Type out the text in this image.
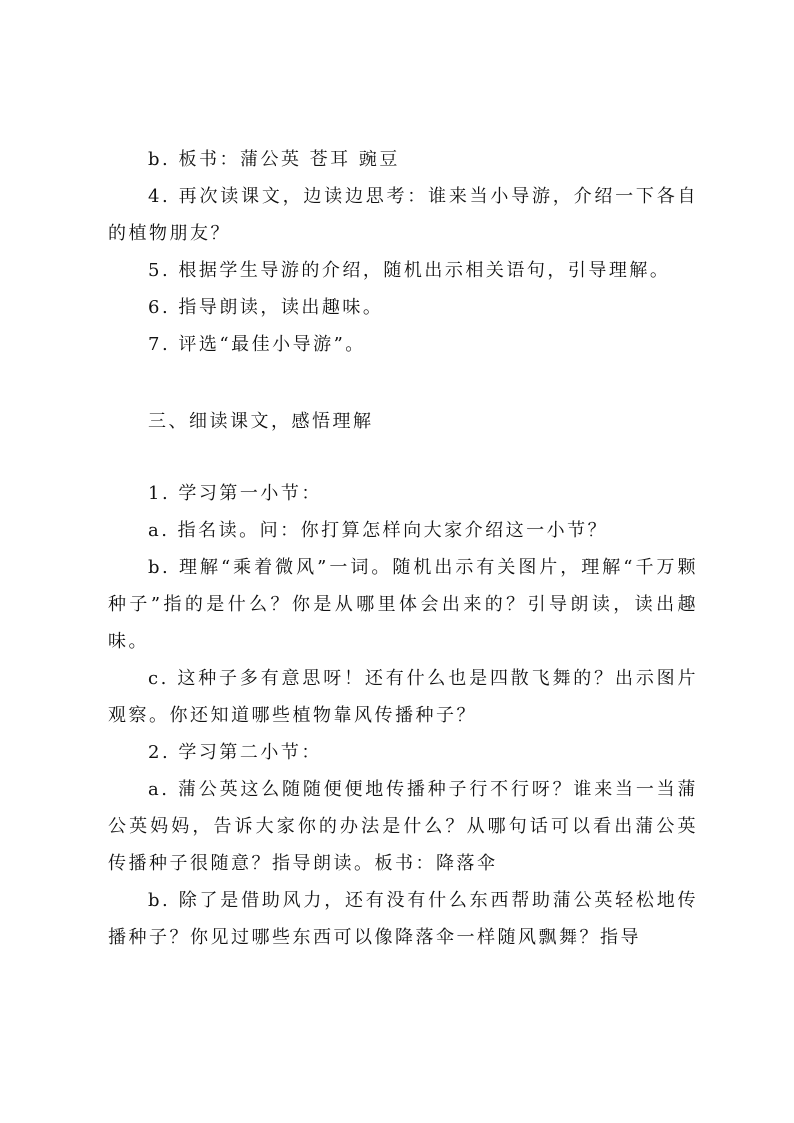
b. 板书：蒲公英 苍耳 豌豆

4. 再次读课文，边读边思考：谁来当小导游，介绍一下各自的植物朋友？

5. 根据学生导游的介绍，随机出示相关语句，引导理解。

6. 指导朗读，读出趣味。

7. 评选“最佳小导游”。

三、细读课文，感悟理解

1. 学习第一小节：

a. 指名读。问：你打算怎样向大家介绍这一小节？

b. 理解“乘着微风”一词。随机出示有关图片，理解“千万颗种子”指的是什么？你是从哪里体会出来的？引导朗读，读出趣味。

c. 这种子多有意思呀！还有什么也是四散飞舞的？出示图片观察。你还知道哪些植物靠风传播种子？

2. 学习第二小节：

a. 蒲公英这么随随便便地传播种子行不行呀？谁来当一当蒲公英妈妈，告诉大家你的办法是什么？从哪句话可以看出蒲公英传播种子很随意？指导朗读。板书：降落伞

b. 除了是借助风力，还有没有什么东西帮助蒲公英轻松地传播种子？你见过哪些东西可以像降落伞一样随风飘舞？指导
